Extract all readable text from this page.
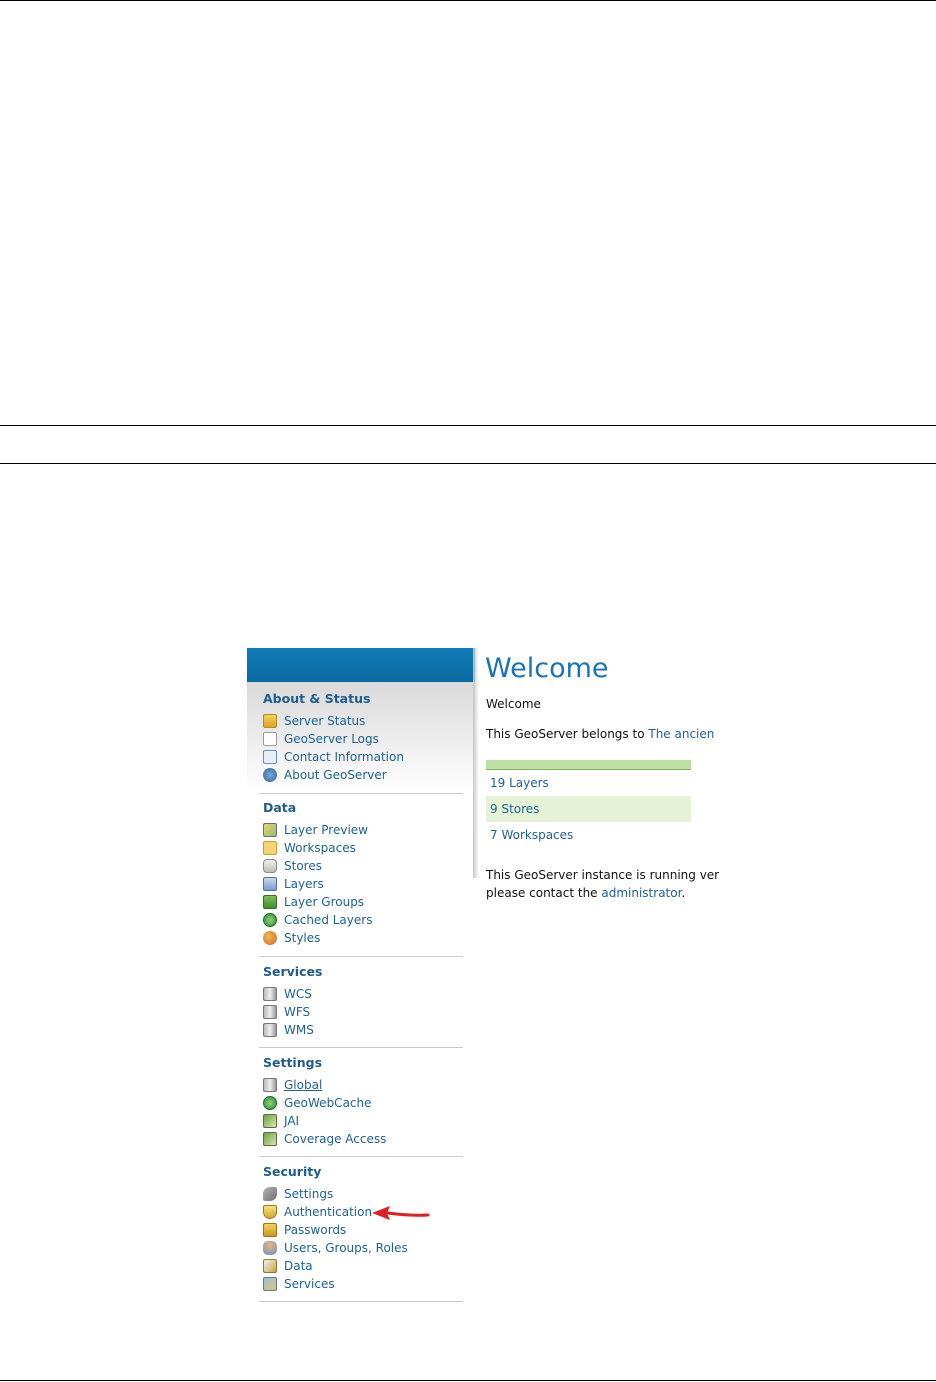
About & Status
Server Status
GeoServer Logs
Contact Information
About GeoServer
Data
Layer Preview
Workspaces
Stores
Layers
Layer Groups
Cached Layers
Styles
Services
WCS
WFS
WMS
Settings
Global
GeoWebCache
JAI
Coverage Access
Security
Settings
Authentication
Passwords
Users, Groups, Roles
Data
Services
Welcome
Welcome
This GeoServer belongs to The ancien
19 Layers
9 Stores
7 Workspaces
This GeoServer instance is running ver
please contact the administrator.
